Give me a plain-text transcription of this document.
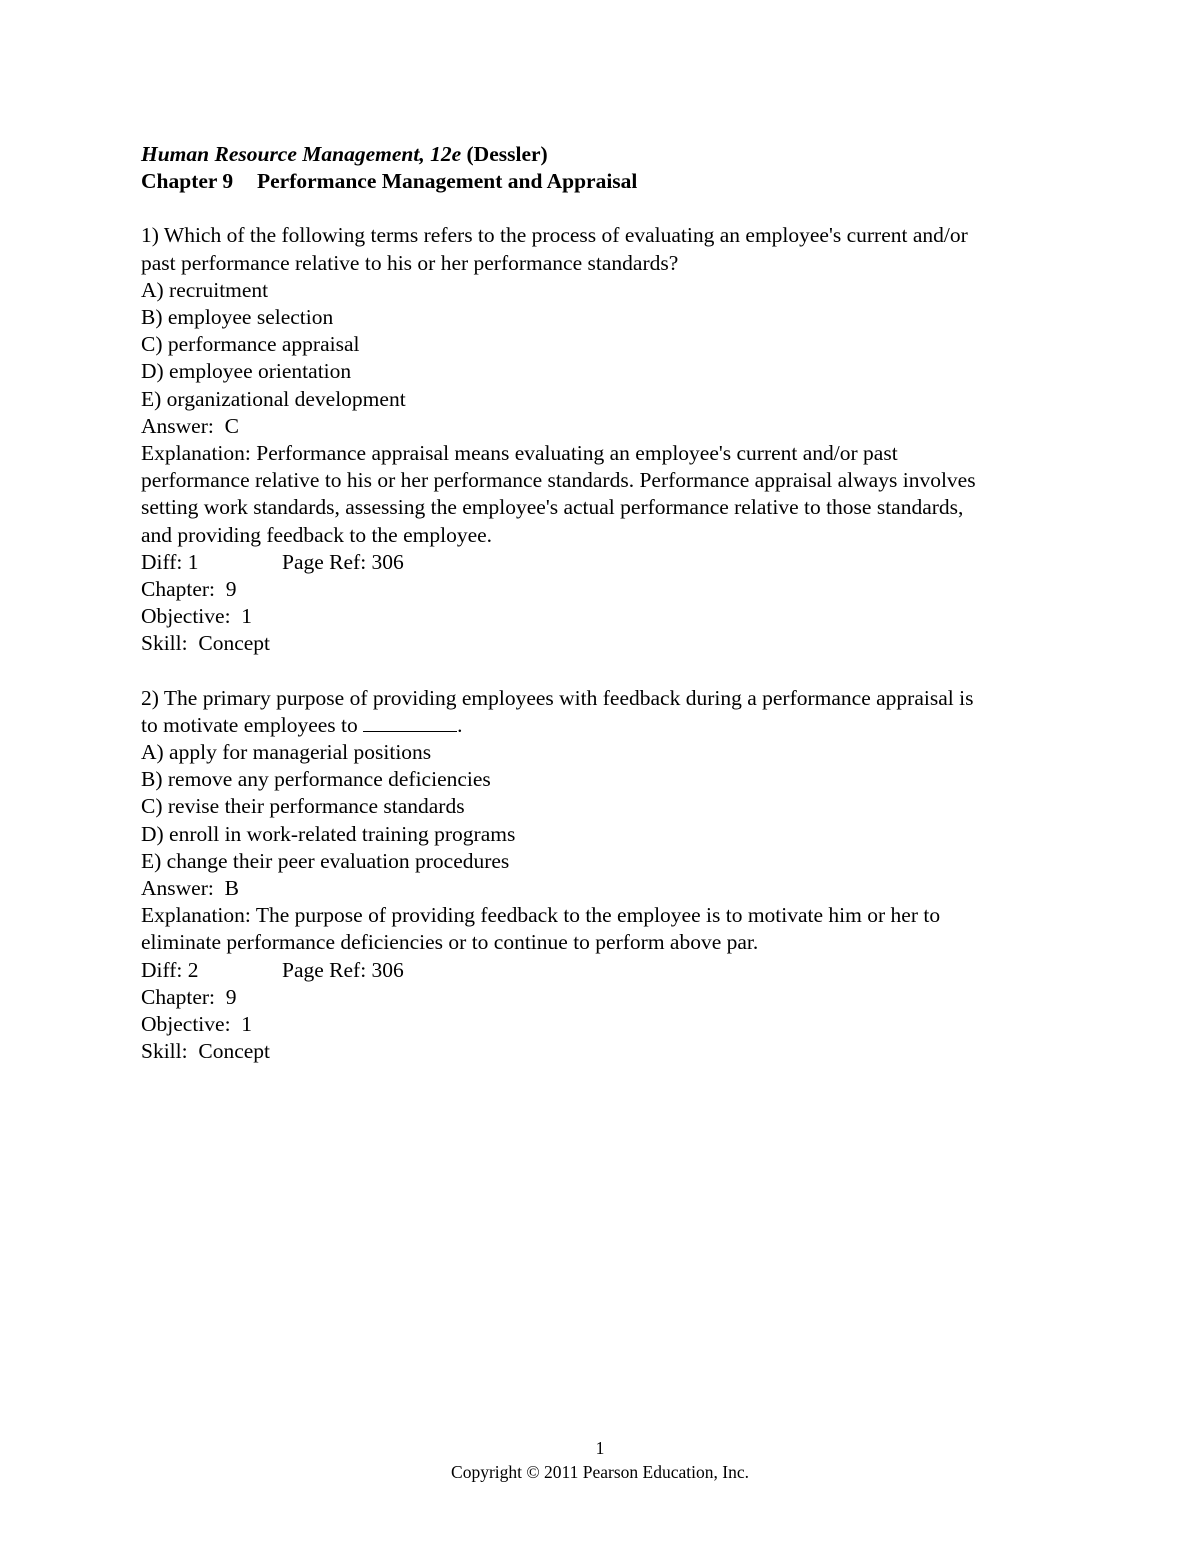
Human Resource Management, 12e (Dessler)
Chapter 9 Performance Management and Appraisal
1) Which of the following terms refers to the process of evaluating an employee's current and/or
past performance relative to his or her performance standards?
A) recruitment
B) employee selection
C) performance appraisal
D) employee orientation
E) organizational development
Answer:  C
Explanation: Performance appraisal means evaluating an employee's current and/or past
performance relative to his or her performance standards. Performance appraisal always involves
setting work standards, assessing the employee's actual performance relative to those standards,
and providing feedback to the employee.
Diff: 1	Page Ref: 306
Chapter:  9
Objective:  1
Skill:  Concept
2) The primary purpose of providing employees with feedback during a performance appraisal is
to motivate employees to	.
A) apply for managerial positions
B) remove any performance deficiencies
C) revise their performance standards
D) enroll in work-related training programs
E) change their peer evaluation procedures
Answer:  B
Explanation: The purpose of providing feedback to the employee is to motivate him or her to
eliminate performance deficiencies or to continue to perform above par.
Diff: 2	Page Ref: 306
Chapter:  9
Objective:  1
Skill:  Concept
1
Copyright © 2011 Pearson Education, Inc.
